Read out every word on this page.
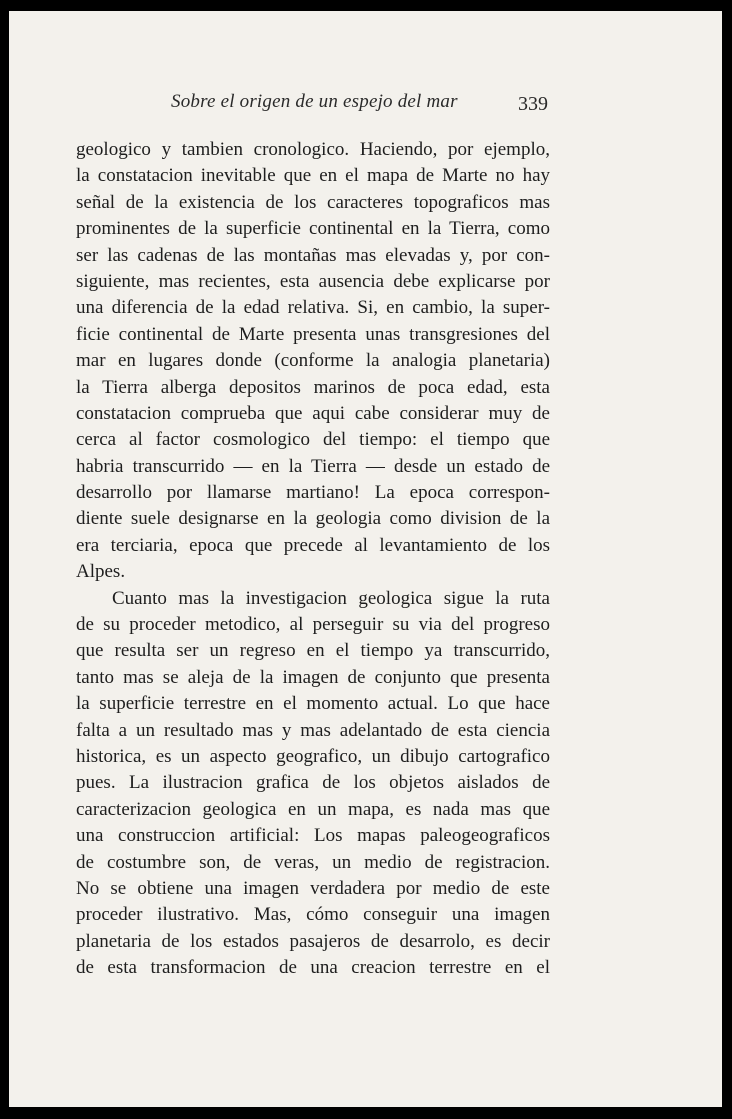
Sobre el origen de un espejo del mar	339
geologico y tambien cronologico. Haciendo, por ejemplo,
la constatacion inevitable que en el mapa de Marte no hay
señal de la existencia de los caracteres topograficos mas
prominentes de la superficie continental en la Tierra, como
ser las cadenas de las montañas mas elevadas y, por con-
siguiente, mas recientes, esta ausencia debe explicarse por
una diferencia de la edad relativa. Si, en cambio, la super-
ficie continental de Marte presenta unas transgresiones del
mar en lugares donde (conforme la analogia planetaria)
la Tierra alberga depositos marinos de poca edad, esta
constatacion comprueba que aqui cabe considerar muy de
cerca al factor cosmologico del tiempo: el tiempo que
habria transcurrido — en la Tierra — desde un estado de
desarrollo por llamarse martiano! La epoca correspon-
diente suele designarse en la geologia como division de la
era terciaria, epoca que precede al levantamiento de los
Alpes.
Cuanto mas la investigacion geologica sigue la ruta
de su proceder metodico, al perseguir su via del progreso
que resulta ser un regreso en el tiempo ya transcurrido,
tanto mas se aleja de la imagen de conjunto que presenta
la superficie terrestre en el momento actual. Lo que hace
falta a un resultado mas y mas adelantado de esta ciencia
historica, es un aspecto geografico, un dibujo cartografico
pues. La ilustracion grafica de los objetos aislados de
caracterizacion geologica en un mapa, es nada mas que
una construccion artificial: Los mapas paleogeograficos
de costumbre son, de veras, un medio de registracion.
No se obtiene una imagen verdadera por medio de este
proceder ilustrativo. Mas, cómo conseguir una imagen
planetaria de los estados pasajeros de desarrolo, es decir
de esta transformacion de una creacion terrestre en el
